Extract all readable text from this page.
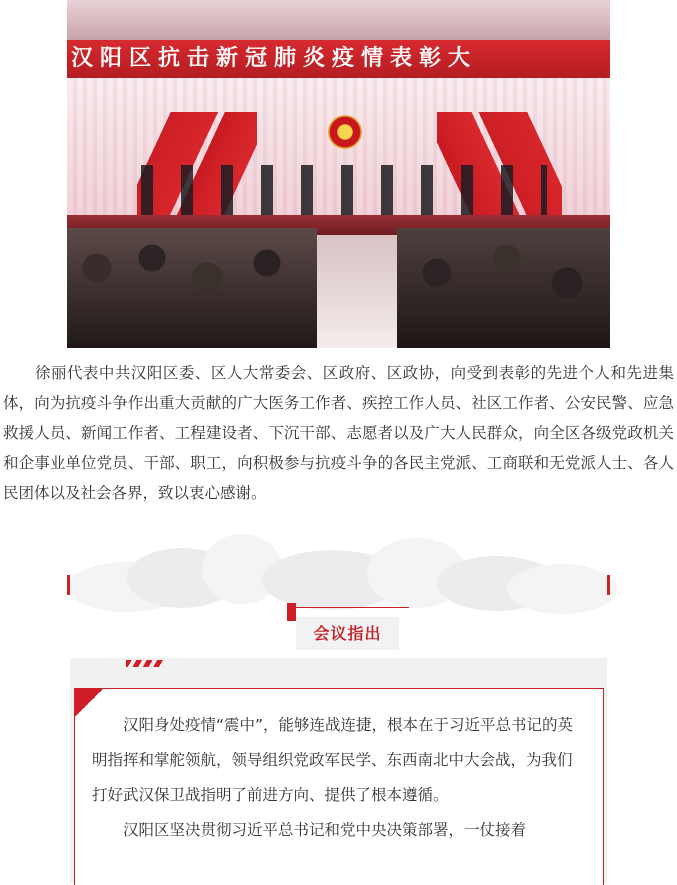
汉阳区抗击新冠肺炎疫情表彰大

　　徐丽代表中共汉阳区委、区人大常委会、区政府、区政协，向受到表彰的先进个人和先进集体，向为抗疫斗争作出重大贡献的广大医务工作者、疾控工作人员、社区工作者、公安民警、应急救援人员、新闻工作者、工程建设者、下沉干部、志愿者以及广大人民群众，向全区各级党政机关和企事业单位党员、干部、职工，向积极参与抗疫斗争的各民主党派、工商联和无党派人士、各人民团体以及社会各界，致以衷心感谢。

会议指出

汉阳身处疫情“震中”，能够连战连捷，根本在于习近平总书记的英明指挥和掌舵领航，领导组织党政军民学、东西南北中大会战，为我们打好武汉保卫战指明了前进方向、提供了根本遵循。

汉阳区坚决贯彻习近平总书记和党中央决策部署，一仗接着
